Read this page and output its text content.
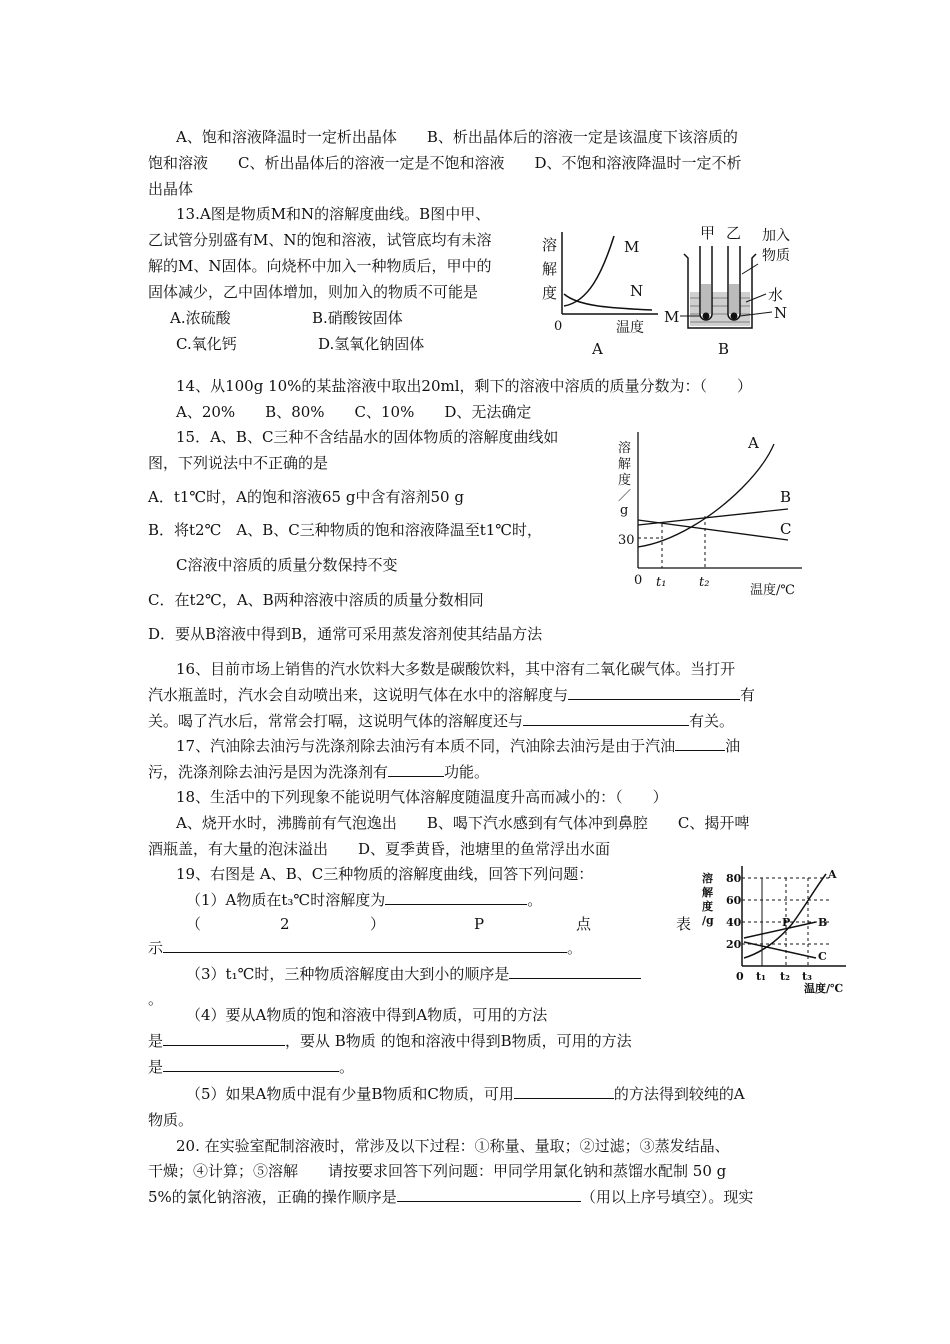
A、饱和溶液降温时一定析出晶体　　B、析出晶体后的溶液一定是该温度下该溶质的
饱和溶液　　C、析出晶体后的溶液一定是不饱和溶液　　D、不饱和溶液降温时一定不析
出晶体
13.A图是物质M和N的溶解度曲线。B图中甲、
乙试管分别盛有M、N的饱和溶液，试管底均有未溶
解的M、N固体。向烧杯中加入一种物质后，甲中的
固体减少，乙中固体增加，则加入的物质不可能是
A.浓硫酸	B.硝酸铵固体
C.氧化钙	D.氢氧化钠固体
溶
解
度
M
N
0	温度
A
甲 乙 加入
物质
水
M	N
B
14、从100g 10%的某盐溶液中取出20ml，剩下的溶液中溶质的质量分数为：（　　）
A、20%　　B、80%　　C、10%　　D、无法确定
15．A、B、C三种不含结晶水的固体物质的溶解度曲线如
图，下列说法中不正确的是
A．t1℃时，A的饱和溶液65 g中含有溶剂50 g
B．将t2℃　A、B、C三种物质的饱和溶液降温至t1℃时，
C溶液中溶质的质量分数保持不变
C．在t2℃，A、B两种溶液中溶质的质量分数相同
D．要从B溶液中得到B，通常可采用蒸发溶剂使其结晶方法
溶
解
度
／
g
A
B
C
30
0 t₁	t₂
温度/℃
16、目前市场上销售的汽水饮料大多数是碳酸饮料，其中溶有二氧化碳气体。当打开
汽水瓶盖时，汽水会自动喷出来，这说明气体在水中的溶解度与	有
关。喝了汽水后，常常会打嗝，这说明气体的溶解度还与	有关。
17、汽油除去油污与洗涤剂除去油污有本质不同，汽油除去油污是由于汽油	油
污，洗涤剂除去油污是因为洗涤剂有	功能。
18、生活中的下列现象不能说明气体溶解度随温度升高而减小的：（　　）
A、烧开水时，沸腾前有气泡逸出　　B、喝下汽水感到有气体冲到鼻腔　　C、揭开啤
酒瓶盖，有大量的泡沫溢出　　D、夏季黄昏，池塘里的鱼常浮出水面
19、右图是 A、B、C三种物质的溶解度曲线，回答下列问题：
（1）A物质在t₃℃时溶解度为	。
（	2	）	P	点	表
示	。
（3）t₁℃时，三种物质溶解度由大到小的顺序是
。
（4）要从A物质的饱和溶液中得到A物质，可用的方法
是	，要从 B物质 的饱和溶液中得到B物质，可用的方法
是	。
（5）如果A物质中混有少量B物质和C物质，可用	的方法得到较纯的A
物质。
溶
解
度
/g
A
B
C
P
80
60
40
20
0 t₁ t₂ t₃
温度/℃
20. 在实验室配制溶液时，常涉及以下过程：①称量、量取；②过滤；③蒸发结晶、
干燥；④计算；⑤溶解　　请按要求回答下列问题：甲同学用氯化钠和蒸馏水配制 50 g
5%的氯化钠溶液，正确的操作顺序是	（用以上序号填空）。现实
